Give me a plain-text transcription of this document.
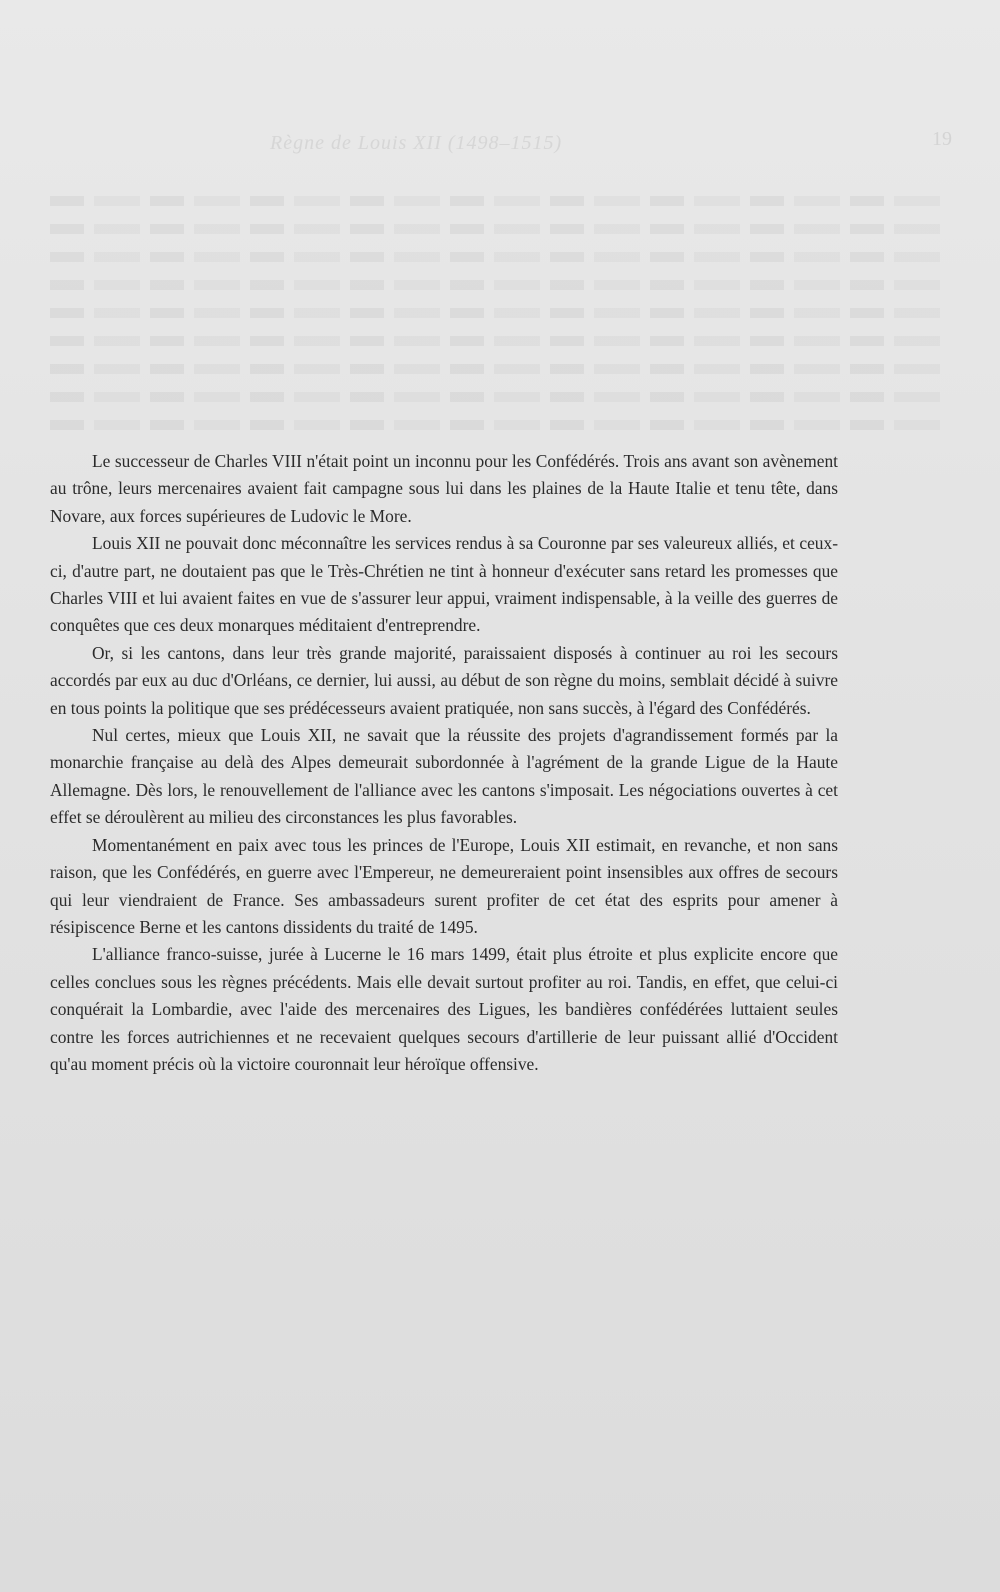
Règne de Louis XII (1498–1515)	19

Le successeur de Charles VIII n'était point un inconnu pour les Confédérés. Trois ans avant son avènement au trône, leurs mercenaires avaient fait campagne sous lui dans les plaines de la Haute Italie et tenu tête, dans Novare, aux forces supérieures de Ludovic le More.

Louis XII ne pouvait donc méconnaître les services rendus à sa Couronne par ses valeureux alliés, et ceux-ci, d'autre part, ne doutaient pas que le Très-Chrétien ne tint à honneur d'exécuter sans retard les promesses que Charles VIII et lui avaient faites en vue de s'assurer leur appui, vraiment indispensable, à la veille des guerres de conquêtes que ces deux monarques méditaient d'entreprendre.

Or, si les cantons, dans leur très grande majorité, paraissaient disposés à continuer au roi les secours accordés par eux au duc d'Orléans, ce dernier, lui aussi, au début de son règne du moins, semblait décidé à suivre en tous points la politique que ses prédécesseurs avaient pratiquée, non sans succès, à l'égard des Confédérés.

Nul certes, mieux que Louis XII, ne savait que la réussite des projets d'agrandissement formés par la monarchie française au delà des Alpes demeurait subordonnée à l'agrément de la grande Ligue de la Haute Allemagne. Dès lors, le renouvellement de l'alliance avec les cantons s'imposait. Les négociations ouvertes à cet effet se déroulèrent au milieu des circonstances les plus favorables.

Momentanément en paix avec tous les princes de l'Europe, Louis XII estimait, en revanche, et non sans raison, que les Confédérés, en guerre avec l'Empereur, ne demeureraient point insensibles aux offres de secours qui leur viendraient de France. Ses ambassadeurs surent profiter de cet état des esprits pour amener à résipiscence Berne et les cantons dissidents du traité de 1495.

L'alliance franco-suisse, jurée à Lucerne le 16 mars 1499, était plus étroite et plus explicite encore que celles conclues sous les règnes précédents. Mais elle devait surtout profiter au roi. Tandis, en effet, que celui-ci conquérait la Lombardie, avec l'aide des mercenaires des Ligues, les bandières confédérées luttaient seules contre les forces autrichiennes et ne recevaient quelques secours d'artillerie de leur puissant allié d'Occident qu'au moment précis où la victoire couronnait leur héroïque offensive.
